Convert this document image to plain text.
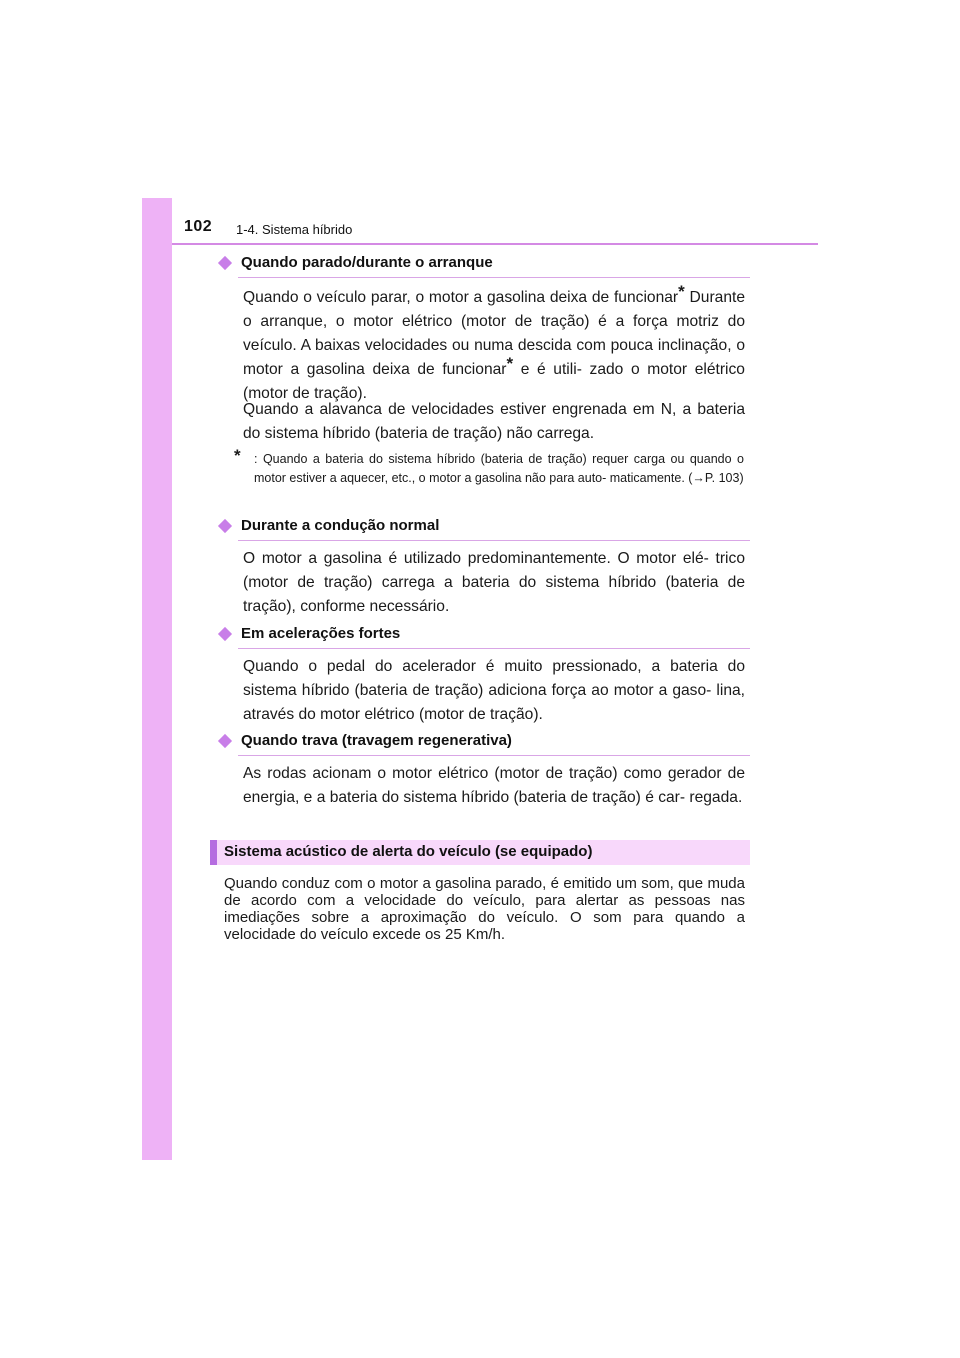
102 1-4. Sistema híbrido
Quando parado/durante o arranque
Quando o veículo parar, o motor a gasolina deixa de funcionar* Durante o arranque, o motor elétrico (motor de tração) é a força motriz do veículo. A baixas velocidades ou numa descida com pouca inclinação, o motor a gasolina deixa de funcionar* e é utili- zado o motor elétrico (motor de tração).
Quando a alavanca de velocidades estiver engrenada em N, a bateria do sistema híbrido (bateria de tração) não carrega.
* : Quando a bateria do sistema híbrido (bateria de tração) requer carga ou quando o motor estiver a aquecer, etc., o motor a gasolina não para auto- maticamente. (→P. 103)
Durante a condução normal
O motor a gasolina é utilizado predominantemente. O motor elé- trico (motor de tração) carrega a bateria do sistema híbrido (bateria de tração), conforme necessário.
Em acelerações fortes
Quando o pedal do acelerador é muito pressionado, a bateria do sistema híbrido (bateria de tração) adiciona força ao motor a gaso- lina, através do motor elétrico (motor de tração).
Quando trava (travagem regenerativa)
As rodas acionam o motor elétrico (motor de tração) como gerador de energia, e a bateria do sistema híbrido (bateria de tração) é car- regada.
Sistema acústico de alerta do veículo (se equipado)
Quando conduz com o motor a gasolina parado, é emitido um som, que muda de acordo com a velocidade do veículo, para alertar as pessoas nas imediações sobre a aproximação do veículo. O som para quando a velocidade do veículo excede os 25 Km/h.
